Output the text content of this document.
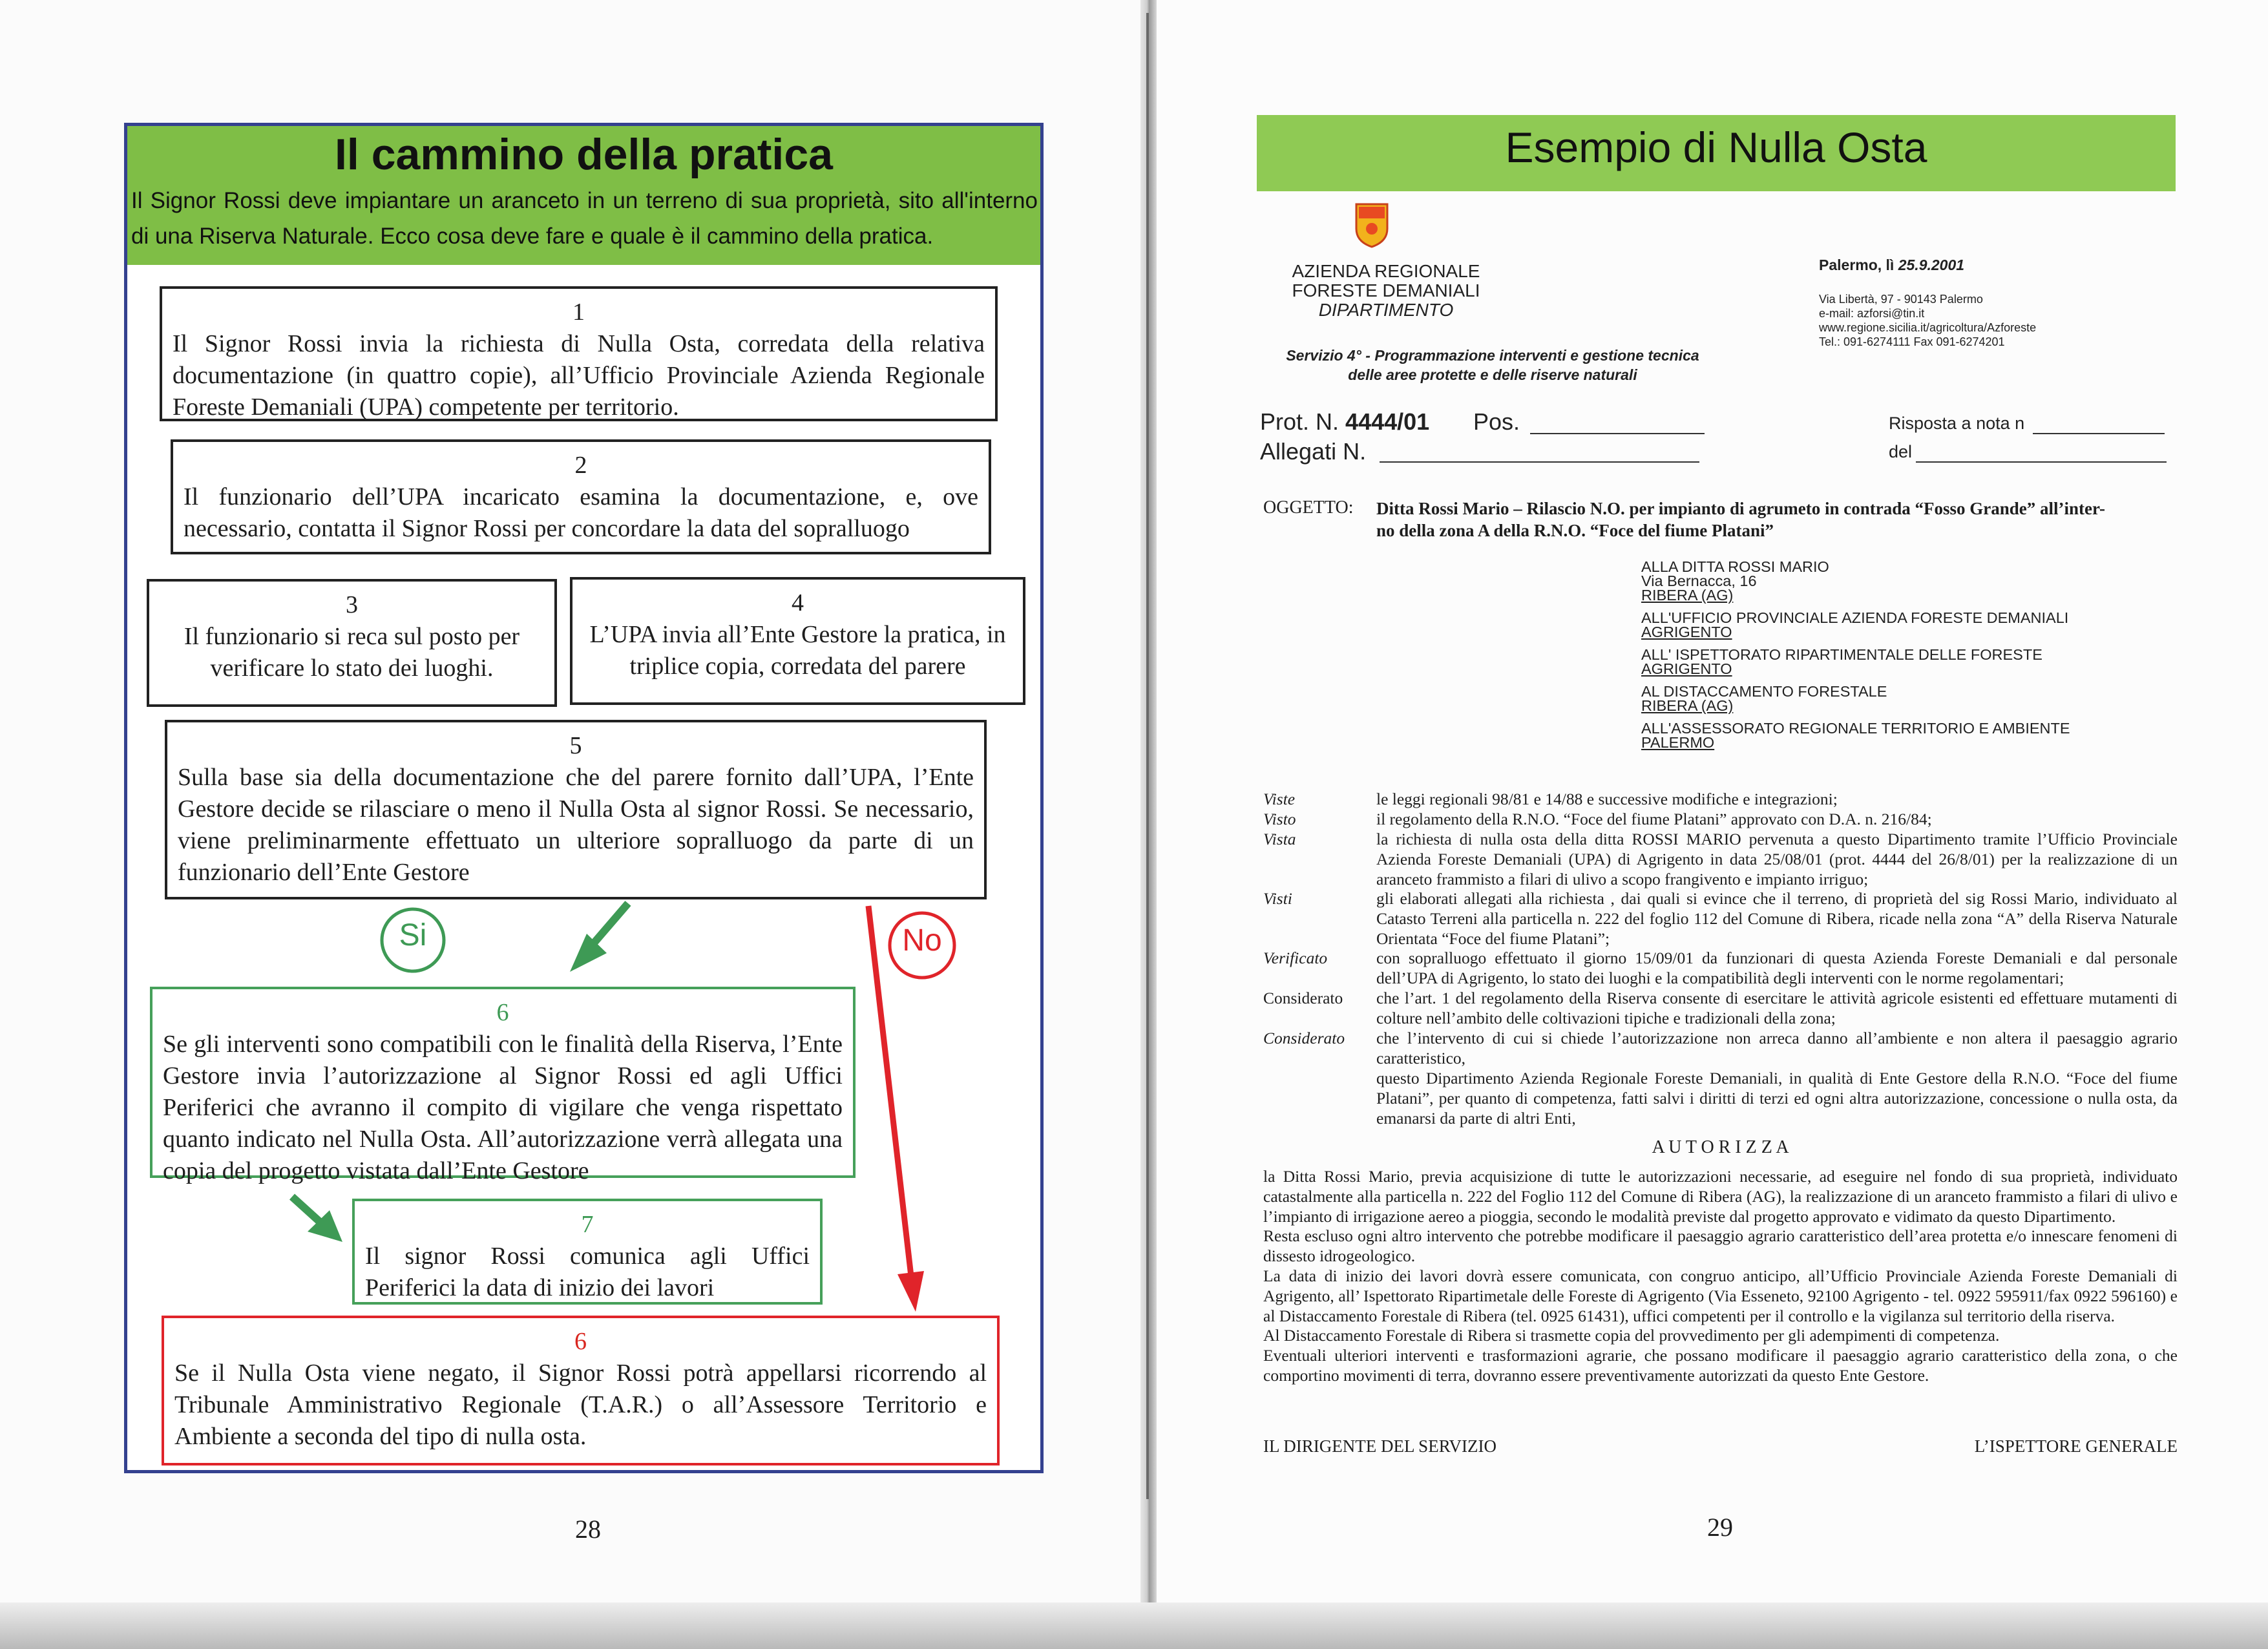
Il cammino della pratica
Il Signor Rossi deve impiantare un aranceto in un terreno di sua proprietà, sito all'interno di una Riserva Naturale. Ecco cosa deve fare e quale è il cammino della pratica.
1
Il Signor Rossi invia la richiesta di Nulla Osta, corredata della relativa documentazione (in quattro copie), all’Ufficio Provinciale Azienda Regionale Foreste Demaniali (UPA) competente per territorio.
2
Il funzionario dell’UPA incaricato esamina la documentazione, e, ove necessario, contatta il Signor Rossi per concordare la data del sopralluogo
3
Il funzionario si reca sul posto per verificare lo stato dei luoghi.
4
L’UPA invia all’Ente Gestore la pratica, in triplice copia, corredata del parere
5
Sulla base sia della documentazione che del parere fornito dall’UPA, l’Ente Gestore decide se rilasciare o meno il Nulla Osta al signor Rossi. Se necessario, viene preliminarmente effettuato un ulteriore sopralluogo da parte di un funzionario dell’Ente Gestore
Si	No
6
Se gli interventi sono compatibili con le finalità della Riserva, l’Ente Gestore invia l’autorizzazione al Signor Rossi ed agli Uffici Periferici che avranno il compito di vigilare che venga rispettato quanto indicato nel Nulla Osta. All’autorizzazione verrà allegata una copia del progetto vistata dall’Ente Gestore
7
Il signor Rossi comunica agli Uffici Periferici la data di inizio dei lavori
6
Se il Nulla Osta viene negato, il Signor Rossi potrà appellarsi ricorrendo al Tribunale Amministrativo Regionale (T.A.R.) o all’Assessore Territorio e Ambiente a seconda del tipo di nulla osta.
28
Esempio di Nulla Osta
AZIENDA REGIONALE
FORESTE DEMANIALI
DIPARTIMENTO
Servizio 4° - Programmazione interventi e gestione tecnica
delle aree protette e delle riserve naturali
Palermo, lì 25.9.2001
Via Libertà, 97 - 90143 Palermo
e-mail: azforsi@tin.it
www.regione.sicilia.it/agricoltura/Azforeste
Tel.: 091-6274111 Fax 091-6274201
Prot. N. 4444/01 Pos.
Allegati N.
Risposta a nota n
del
OGGETTO: Ditta Rossi Mario – Rilascio N.O. per impianto di agrumeto in contrada “Fosso Grande” all’inter-
no della zona A della R.N.O. “Foce del fiume Platani”
ALLA DITTA ROSSI MARIO
Via Bernacca, 16
RIBERA (AG)
ALL'UFFICIO PROVINCIALE AZIENDA FORESTE DEMANIALI
AGRIGENTO
ALL' ISPETTORATO RIPARTIMENTALE DELLE FORESTE
AGRIGENTO
AL DISTACCAMENTO FORESTALE
RIBERA (AG)
ALL'ASSESSORATO REGIONALE TERRITORIO E AMBIENTE
PALERMO
Viste	le leggi regionali 98/81 e 14/88 e successive modifiche e integrazioni;
Visto	il regolamento della R.N.O. “Foce del fiume Platani” approvato con D.A. n. 216/84;
Vista	la richiesta di nulla osta della ditta ROSSI MARIO pervenuta a questo Dipartimento tramite l’Ufficio Provinciale Azienda Foreste Demaniali (UPA) di Agrigento in data 25/08/01 (prot. 4444 del 26/8/01) per la realizzazione di un aranceto frammisto a filari di ulivo a scopo frangivento e impianto irriguo;
Visti	gli elaborati allegati alla richiesta , dai quali si evince che il terreno, di proprietà del sig Rossi Mario, individuato al Catasto Terreni alla particella n. 222 del foglio 112 del Comune di Ribera, ricade nella zona “A” della Riserva Naturale Orientata “Foce del fiume Platani”;
Verificato	con sopralluogo effettuato il giorno 15/09/01 da funzionari di questa Azienda Foreste Demaniali e dal personale dell’UPA di Agrigento, lo stato dei luoghi e la compatibilità degli interventi con le norme regolamentari;
Considerato che l’art. 1 del regolamento della Riserva consente di esercitare le attività agricole esistenti ed effettuare mutamenti di colture nell’ambito delle coltivazioni tipiche e tradizionali della zona;
Considerato che l’intervento di cui si chiede l’autorizzazione non arreca danno all’ambiente e non altera il paesaggio agrario caratteristico,
questo Dipartimento Azienda Regionale Foreste Demaniali, in qualità di Ente Gestore della R.N.O. “Foce del fiume Platani”, per quanto di competenza, fatti salvi i diritti di terzi ed ogni altra autorizzazione, concessione o nulla osta, da emanarsi da parte di altri Enti,
A U T O R I Z Z A
la Ditta Rossi Mario, previa acquisizione di tutte le autorizzazioni necessarie, ad eseguire nel fondo di sua proprietà, individuato catastalmente alla particella n. 222 del Foglio 112 del Comune di Ribera (AG), la realizzazione di un aranceto frammisto a filari di ulivo e l’impianto di irrigazione aereo a pioggia, secondo le modalità previste dal progetto approvato e vidimato da questo Dipartimento.
Resta escluso ogni altro intervento che potrebbe modificare il paesaggio agrario caratteristico dell’area protetta e/o innescare fenomeni di dissesto idrogeologico.
La data di inizio dei lavori dovrà essere comunicata, con congruo anticipo, all’Ufficio Provinciale Azienda Foreste Demaniali di Agrigento, all’ Ispettorato Ripartimetale delle Foreste di Agrigento (Via Esseneto, 92100 Agrigento - tel. 0922 595911/fax 0922 596160) e al Distaccamento Forestale di Ribera (tel. 0925 61431), uffici competenti per il controllo e la vigilanza sul territorio della riserva.
Al Distaccamento Forestale di Ribera si trasmette copia del provvedimento per gli adempimenti di competenza.
Eventuali ulteriori interventi e trasformazioni agrarie, che possano modificare il paesaggio agrario caratteristico della zona, o che comportino movimenti di terra, dovranno essere preventivamente autorizzati da questo Ente Gestore.
IL DIRIGENTE DEL SERVIZIO	L’ISPETTORE GENERALE
29
